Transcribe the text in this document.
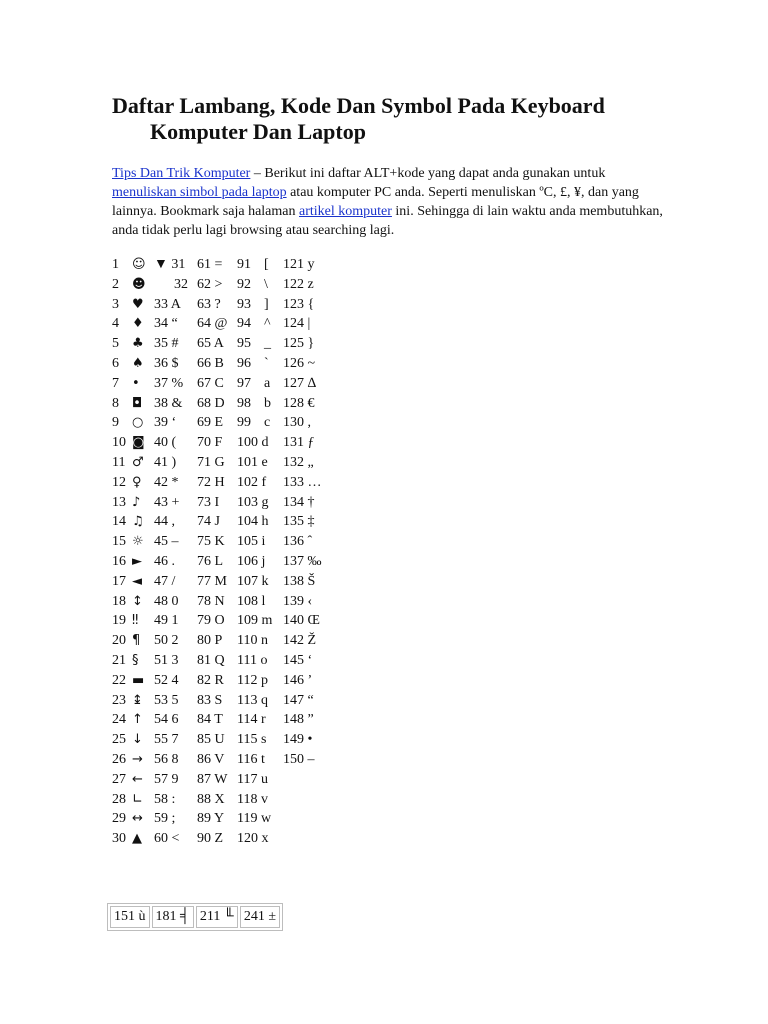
Daftar Lambang, Kode Dan Symbol Pada Keyboard
Komputer Dan Laptop

Tips Dan Trik Komputer – Berikut ini daftar ALT+kode yang dapat anda gunakan untuk menuliskan simbol pada laptop atau komputer PC anda. Seperti menuliskan ºC, £, ¥, dan yang lainnya. Bookmark saja halaman artikel komputer ini. Sehingga di lain waktu anda membutuhkan, anda tidak perlu lagi browsing atau searching lagi.

1 ☺ ▼ 31 61 = 91 [ 121 y
2 ☻ 32 62 > 92 \ 122 z
3 ♥ 33 A 63 ? 93 ] 123 {
4 ♦ 34 “ 64 @ 94 ^ 124 |
5 ♣ 35 # 65 A 95 _ 125 }
6 ♠ 36 $ 66 B 96 ` 126 ~
7 • 37 % 67 C 97 a 127 ∆
8 ◘ 38 & 68 D 98 b 128 €
9 ○ 39 ‘ 69 E 99 c 130 ,
10 ◙ 40 ( 70 F 100 d 131 ƒ
11 ♂ 41 ) 71 G 101 e 132 „
12 ♀ 42 * 72 H 102 f 133 …
13 ♪ 43 + 73 I 103 g 134 †
14 ♫ 44 , 74 J 104 h 135 ‡
15 ☼ 45 – 75 K 105 i 136 ˆ
16 ► 46 . 76 L 106 j 137 ‰
17 ◄ 47 / 77 M 107 k 138 Š
18 ↕ 48 0 78 N 108 l 139 ‹
19 ‼ 49 1 79 O 109 m 140 Œ
20 ¶ 50 2 80 P 110 n 142 Ž
21 § 51 3 81 Q 111 o 145 ‘
22 ▬ 52 4 82 R 112 p 146 ’
23 ↨ 53 5 83 S 113 q 147 “
24 ↑ 54 6 84 T 114 r 148 ”
25 ↓ 55 7 85 U 115 s 149 •
26 → 56 8 86 V 116 t 150 –
27 ← 57 9 87 W 117 u
28 ∟ 58 : 88 X 118 v
29 ↔ 59 ; 89 Y 119 w
30 ▲ 60 < 90 Z 120 x
151 ù	181 ╡	211 ╙	241 ±
